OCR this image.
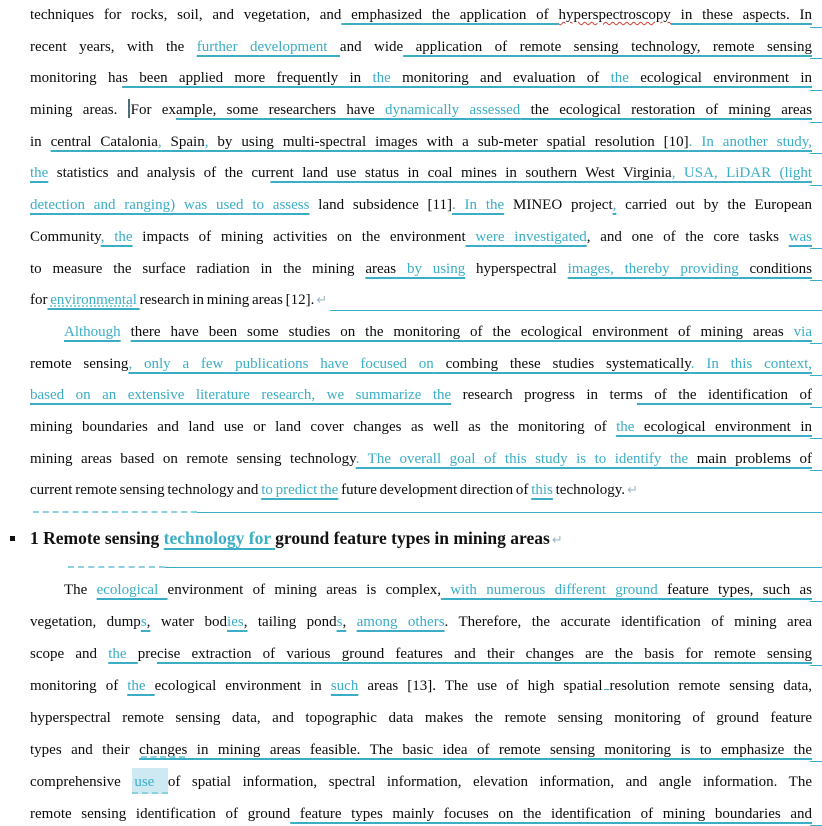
techniques for rocks, soil, and vegetation, and emphasized the application of hyperspectroscopy in these aspects. In
recent years, with the further development and wide application of remote sensing technology, remote sensing
monitoring has been applied more frequently in the monitoring and evaluation of the ecological environment in
mining areas. For example, some researchers have dynamically assessed the ecological restoration of mining areas
in central Catalonia, Spain, by using multi-spectral images with a sub-meter spatial resolution [10]. In another study,
the statistics and analysis of the current land use status in coal mines in southern West Virginia, USA, LiDAR (light
detection and ranging) was used to assess land subsidence [11]. In the MINEO project, carried out by the European
Community, the impacts of mining activities on the environment were investigated, and one of the core tasks was
to measure the surface radiation in the mining areas by using hyperspectral images, thereby providing conditions
for environmental research in mining areas [12]. ↵
Although there have been some studies on the monitoring of the ecological environment of mining areas via
remote sensing, only a few publications have focused on combing these studies systematically. In this context,
based on an extensive literature research, we summarize the research progress in terms of the identification of
mining boundaries and land use or land cover changes as well as the monitoring of the ecological environment in
mining areas based on remote sensing technology. The overall goal of this study is to identify the main problems of
current remote sensing technology and to predict the future development direction of this technology. ↵
1 Remote sensing technology for ground feature types in mining areas ↵
The ecological environment of mining areas is complex, with numerous different ground feature types, such as
vegetation, dumps, water bodies, tailing ponds, among others. Therefore, the accurate identification of mining area
scope and the precise extraction of various ground features and their changes are the basis for remote sensing
monitoring of the ecological environment in such areas [13]. The use of high spatial resolution remote sensing data,
hyperspectral remote sensing data, and topographic data makes the remote sensing monitoring of ground feature
types and their changes in mining areas feasible. The basic idea of remote sensing monitoring is to emphasize the
comprehensive use of spatial information, spectral information, elevation information, and angle information. The
remote sensing identification of ground feature types mainly focuses on the identification of mining boundaries and
